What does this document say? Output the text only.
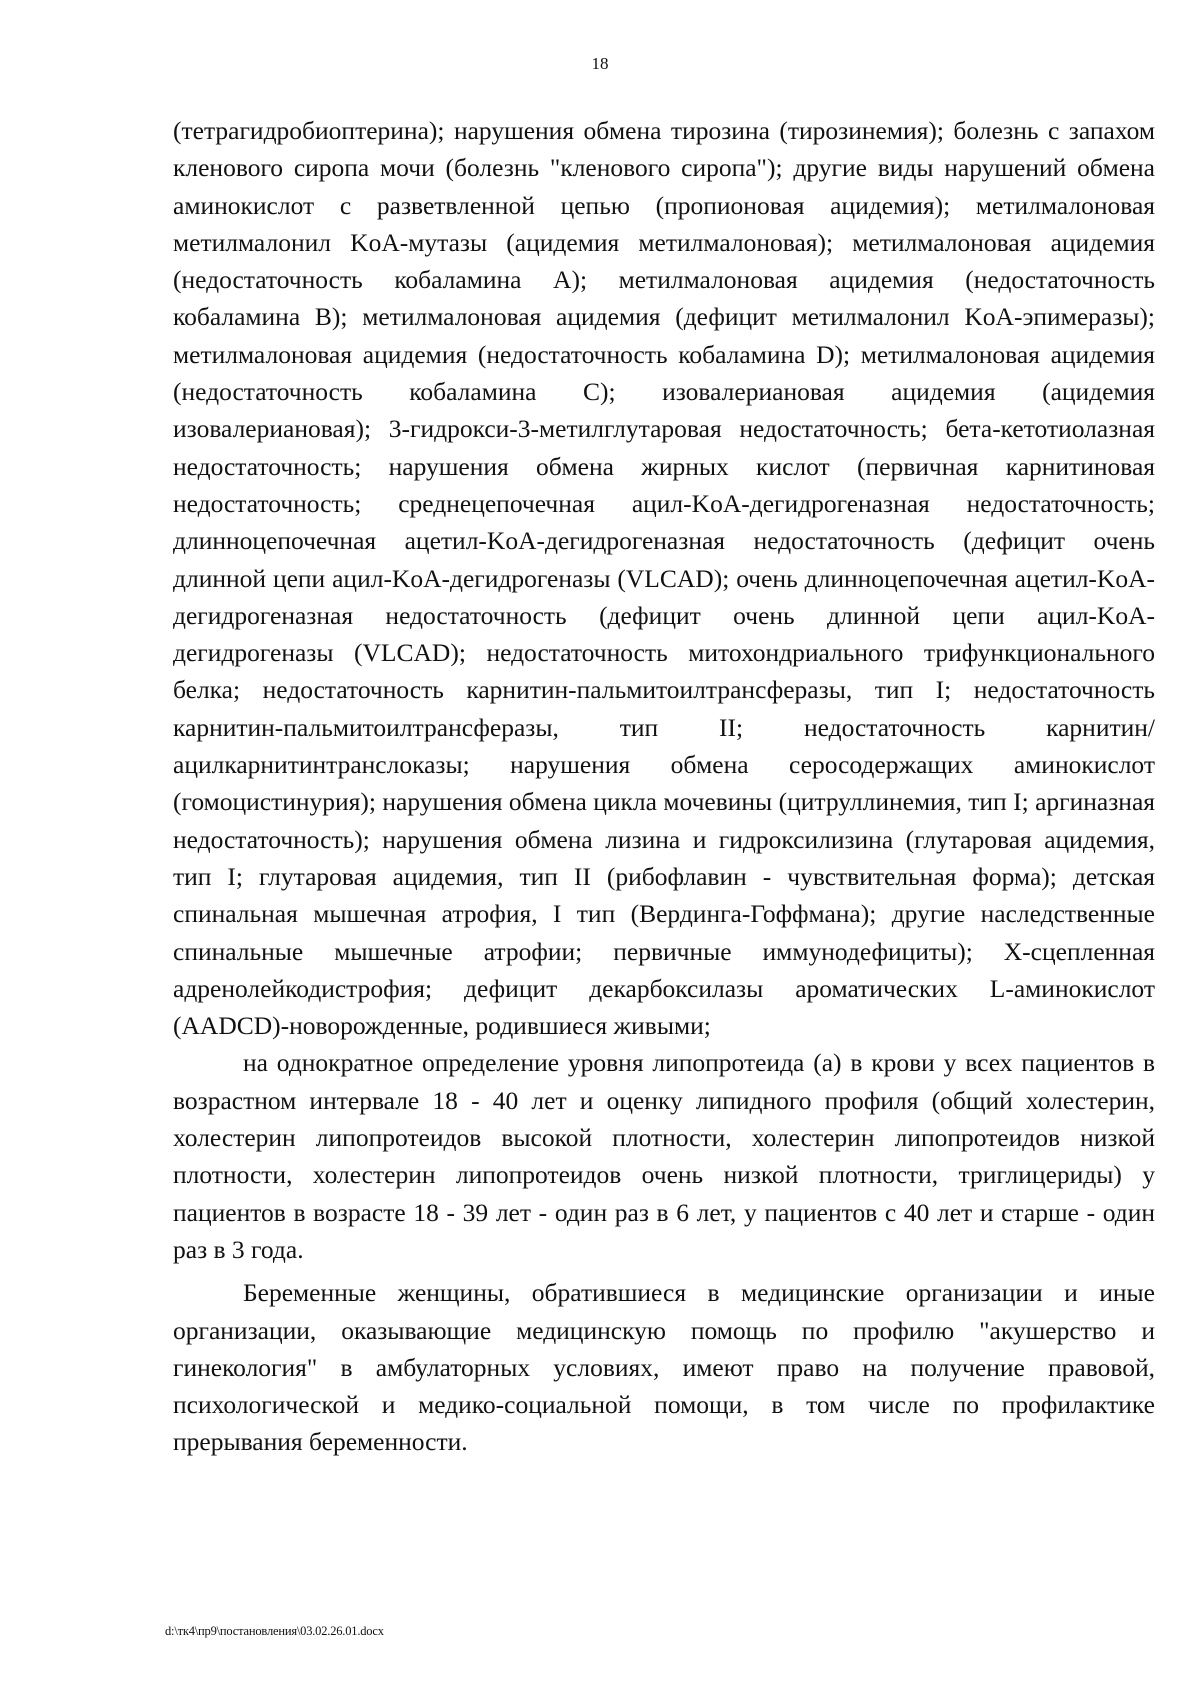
18

(тетрагидробиоптерина); нарушения обмена тирозина (тирозинемия); болезнь с запахом кленового сиропа мочи (болезнь "кленового сиропа"); другие виды нарушений обмена аминокислот с разветвленной цепью (пропионовая ацидемия); метилмалоновая метилмалонил KoA-мутазы (ацидемия метилмалоновая); метилмалоновая ацидемия (недостаточность кобаламина A); метилмалоновая ацидемия (недостаточность кобаламина B); метилмалоновая ацидемия (дефицит метилмалонил KoA-эпимеразы); метилмалоновая ацидемия (недостаточность кобаламина D); метилмалоновая ацидемия (недостаточность кобаламина C); изовалериановая ацидемия (ацидемия изовалериановая); 3-гидрокси-3-метилглутаровая недостаточность; бета-кетотиолазная недостаточность; нарушения обмена жирных кислот (первичная карнитиновая недостаточность; среднецепочечная ацил-KoA-дегидрогеназная недостаточность; длинноцепочечная ацетил-KoA-дегидрогеназная недостаточность (дефицит очень длинной цепи ацил-KoA-дегидрогеназы (VLCAD); очень длинноцепочечная ацетил-KoA-дегидрогеназная недостаточность (дефицит очень длинной цепи ацил-KoA-дегидрогеназы (VLCAD); недостаточность митохондриального трифункционального белка; недостаточность карнитин-пальмитоилтрансферазы, тип I; недостаточность карнитин-пальмитоилтрансферазы, тип II; недостаточность карнитин/ацилкарнитинтранслоказы; нарушения обмена серосодержащих аминокислот (гомоцистинурия); нарушения обмена цикла мочевины (цитруллинемия, тип I; аргиназная недостаточность); нарушения обмена лизина и гидроксилизина (глутаровая ацидемия, тип I; глутаровая ацидемия, тип II (рибофлавин - чувствительная форма); детская спинальная мышечная атрофия, I тип (Вердинга-Гоффмана); другие наследственные спинальные мышечные атрофии; первичные иммунодефициты); X-сцепленная адренолейкодистрофия; дефицит декарбоксилазы ароматических L-аминокислот (AADCD)-новорожденные, родившиеся живыми;

на однократное определение уровня липопротеида (a) в крови у всех пациентов в возрастном интервале 18 - 40 лет и оценку липидного профиля (общий холестерин, холестерин липопротеидов высокой плотности, холестерин липопротеидов низкой плотности, холестерин липопротеидов очень низкой плотности, триглицериды) у пациентов в возрасте 18 - 39 лет - один раз в 6 лет, у пациентов с 40 лет и старше - один раз в 3 года.

Беременные женщины, обратившиеся в медицинские организации и иные организации, оказывающие медицинскую помощь по профилю "акушерство и гинекология" в амбулаторных условиях, имеют право на получение правовой, психологической и медико-социальной помощи, в том числе по профилактике прерывания беременности.

d:\тк4\пр9\постановления\03.02.26.01.docx
